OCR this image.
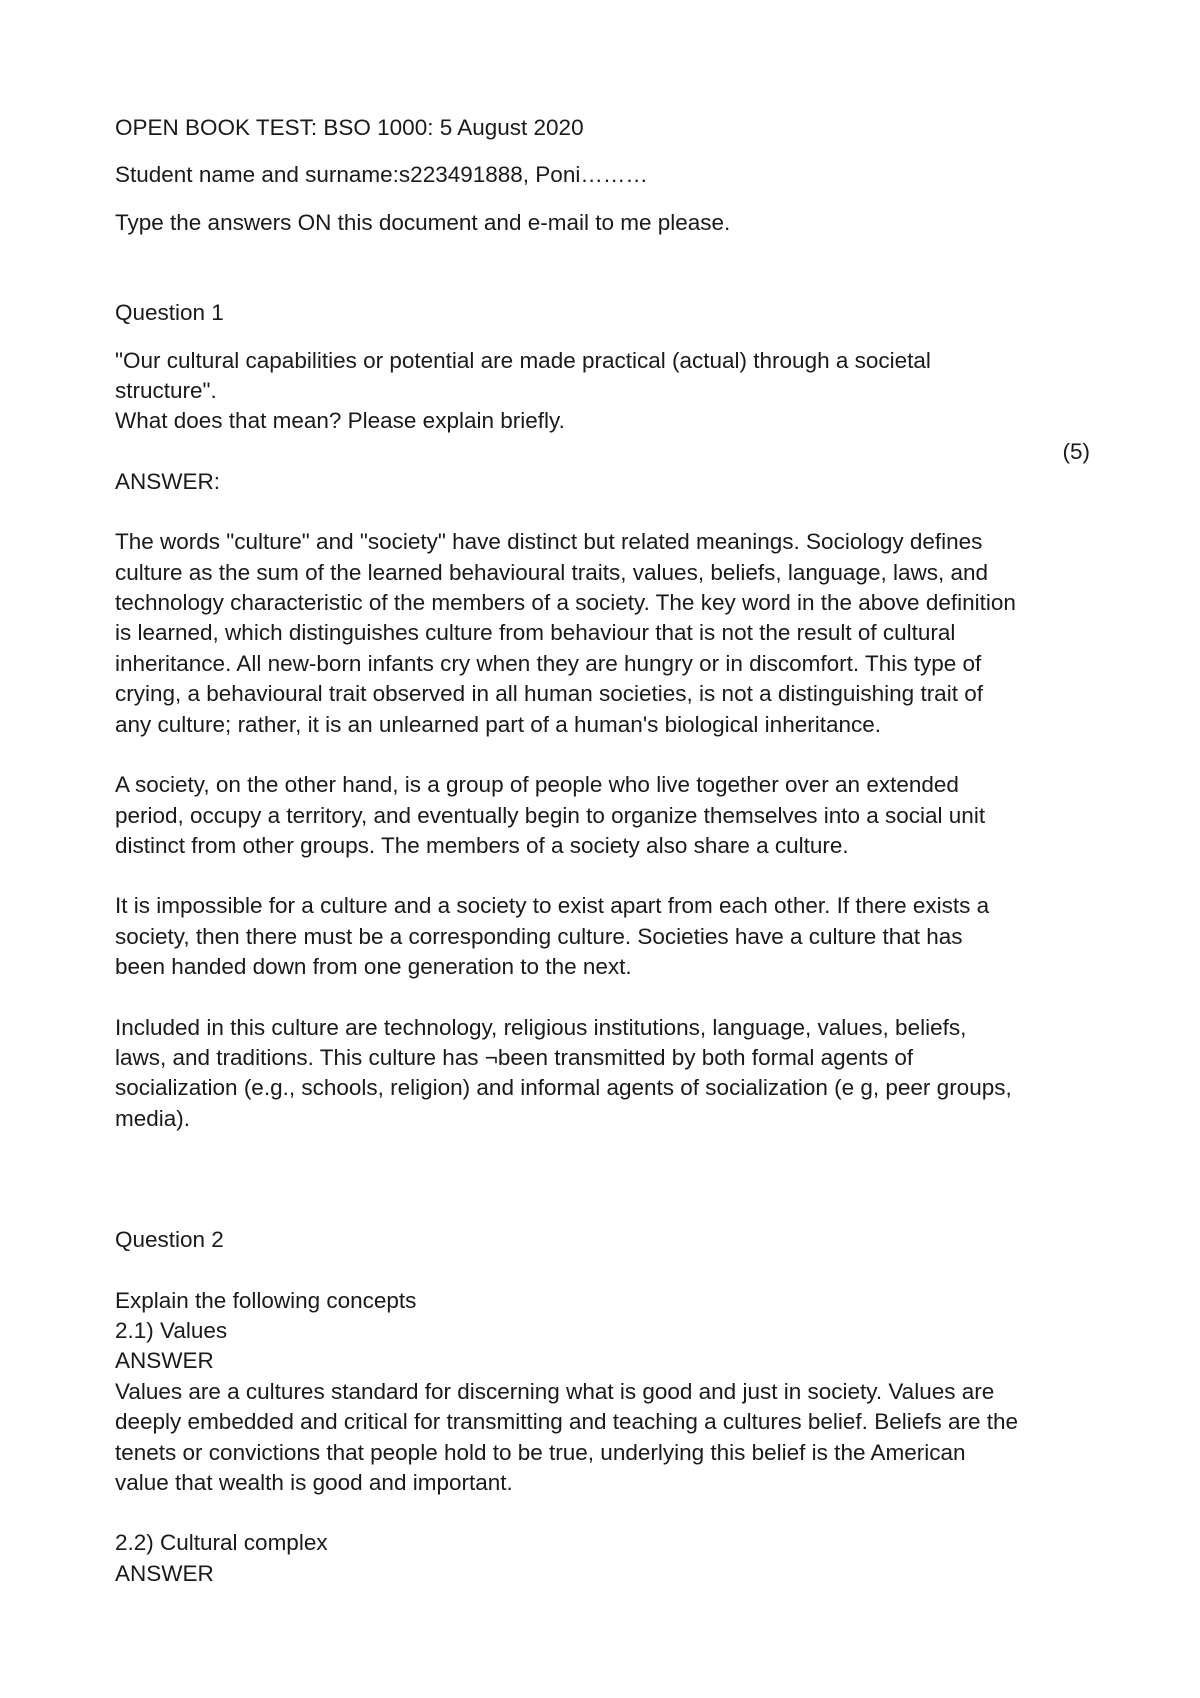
OPEN BOOK TEST: BSO 1000: 5 August 2020

Student name and surname:s223491888, Poni………

Type the answers ON this document and e-mail to me please.

Question 1

"Our cultural capabilities or potential are made practical (actual) through a societal
structure".
What does that mean? Please explain briefly.

(5)

ANSWER:

The words "culture" and "society" have distinct but related meanings. Sociology defines
culture as the sum of the learned behavioural traits, values, beliefs, language, laws, and
technology characteristic of the members of a society. The key word in the above definition
is learned, which distinguishes culture from behaviour that is not the result of cultural
inheritance. All new-born infants cry when they are hungry or in discomfort. This type of
crying, a behavioural trait observed in all human societies, is not a distinguishing trait of
any culture; rather, it is an unlearned part of a human's biological inheritance.

A society, on the other hand, is a group of people who live together over an extended
period, occupy a territory, and eventually begin to organize themselves into a social unit
distinct from other groups. The members of a society also share a culture.

It is impossible for a culture and a society to exist apart from each other. If there exists a
society, then there must be a corresponding culture. Societies have a culture that has
been handed down from one generation to the next.

Included in this culture are technology, religious institutions, language, values, beliefs,
laws, and traditions. This culture has ¬been transmitted by both formal agents of
socialization (e.g., schools, religion) and informal agents of socialization (e g, peer groups,
media).

Question 2

Explain the following concepts

2.1) Values

ANSWER

Values are a cultures standard for discerning what is good and just in society. Values are
deeply embedded and critical for transmitting and teaching a cultures belief. Beliefs are the
tenets or convictions that people hold to be true, underlying this belief is the American
value that wealth is good and important.

2.2) Cultural complex

ANSWER
